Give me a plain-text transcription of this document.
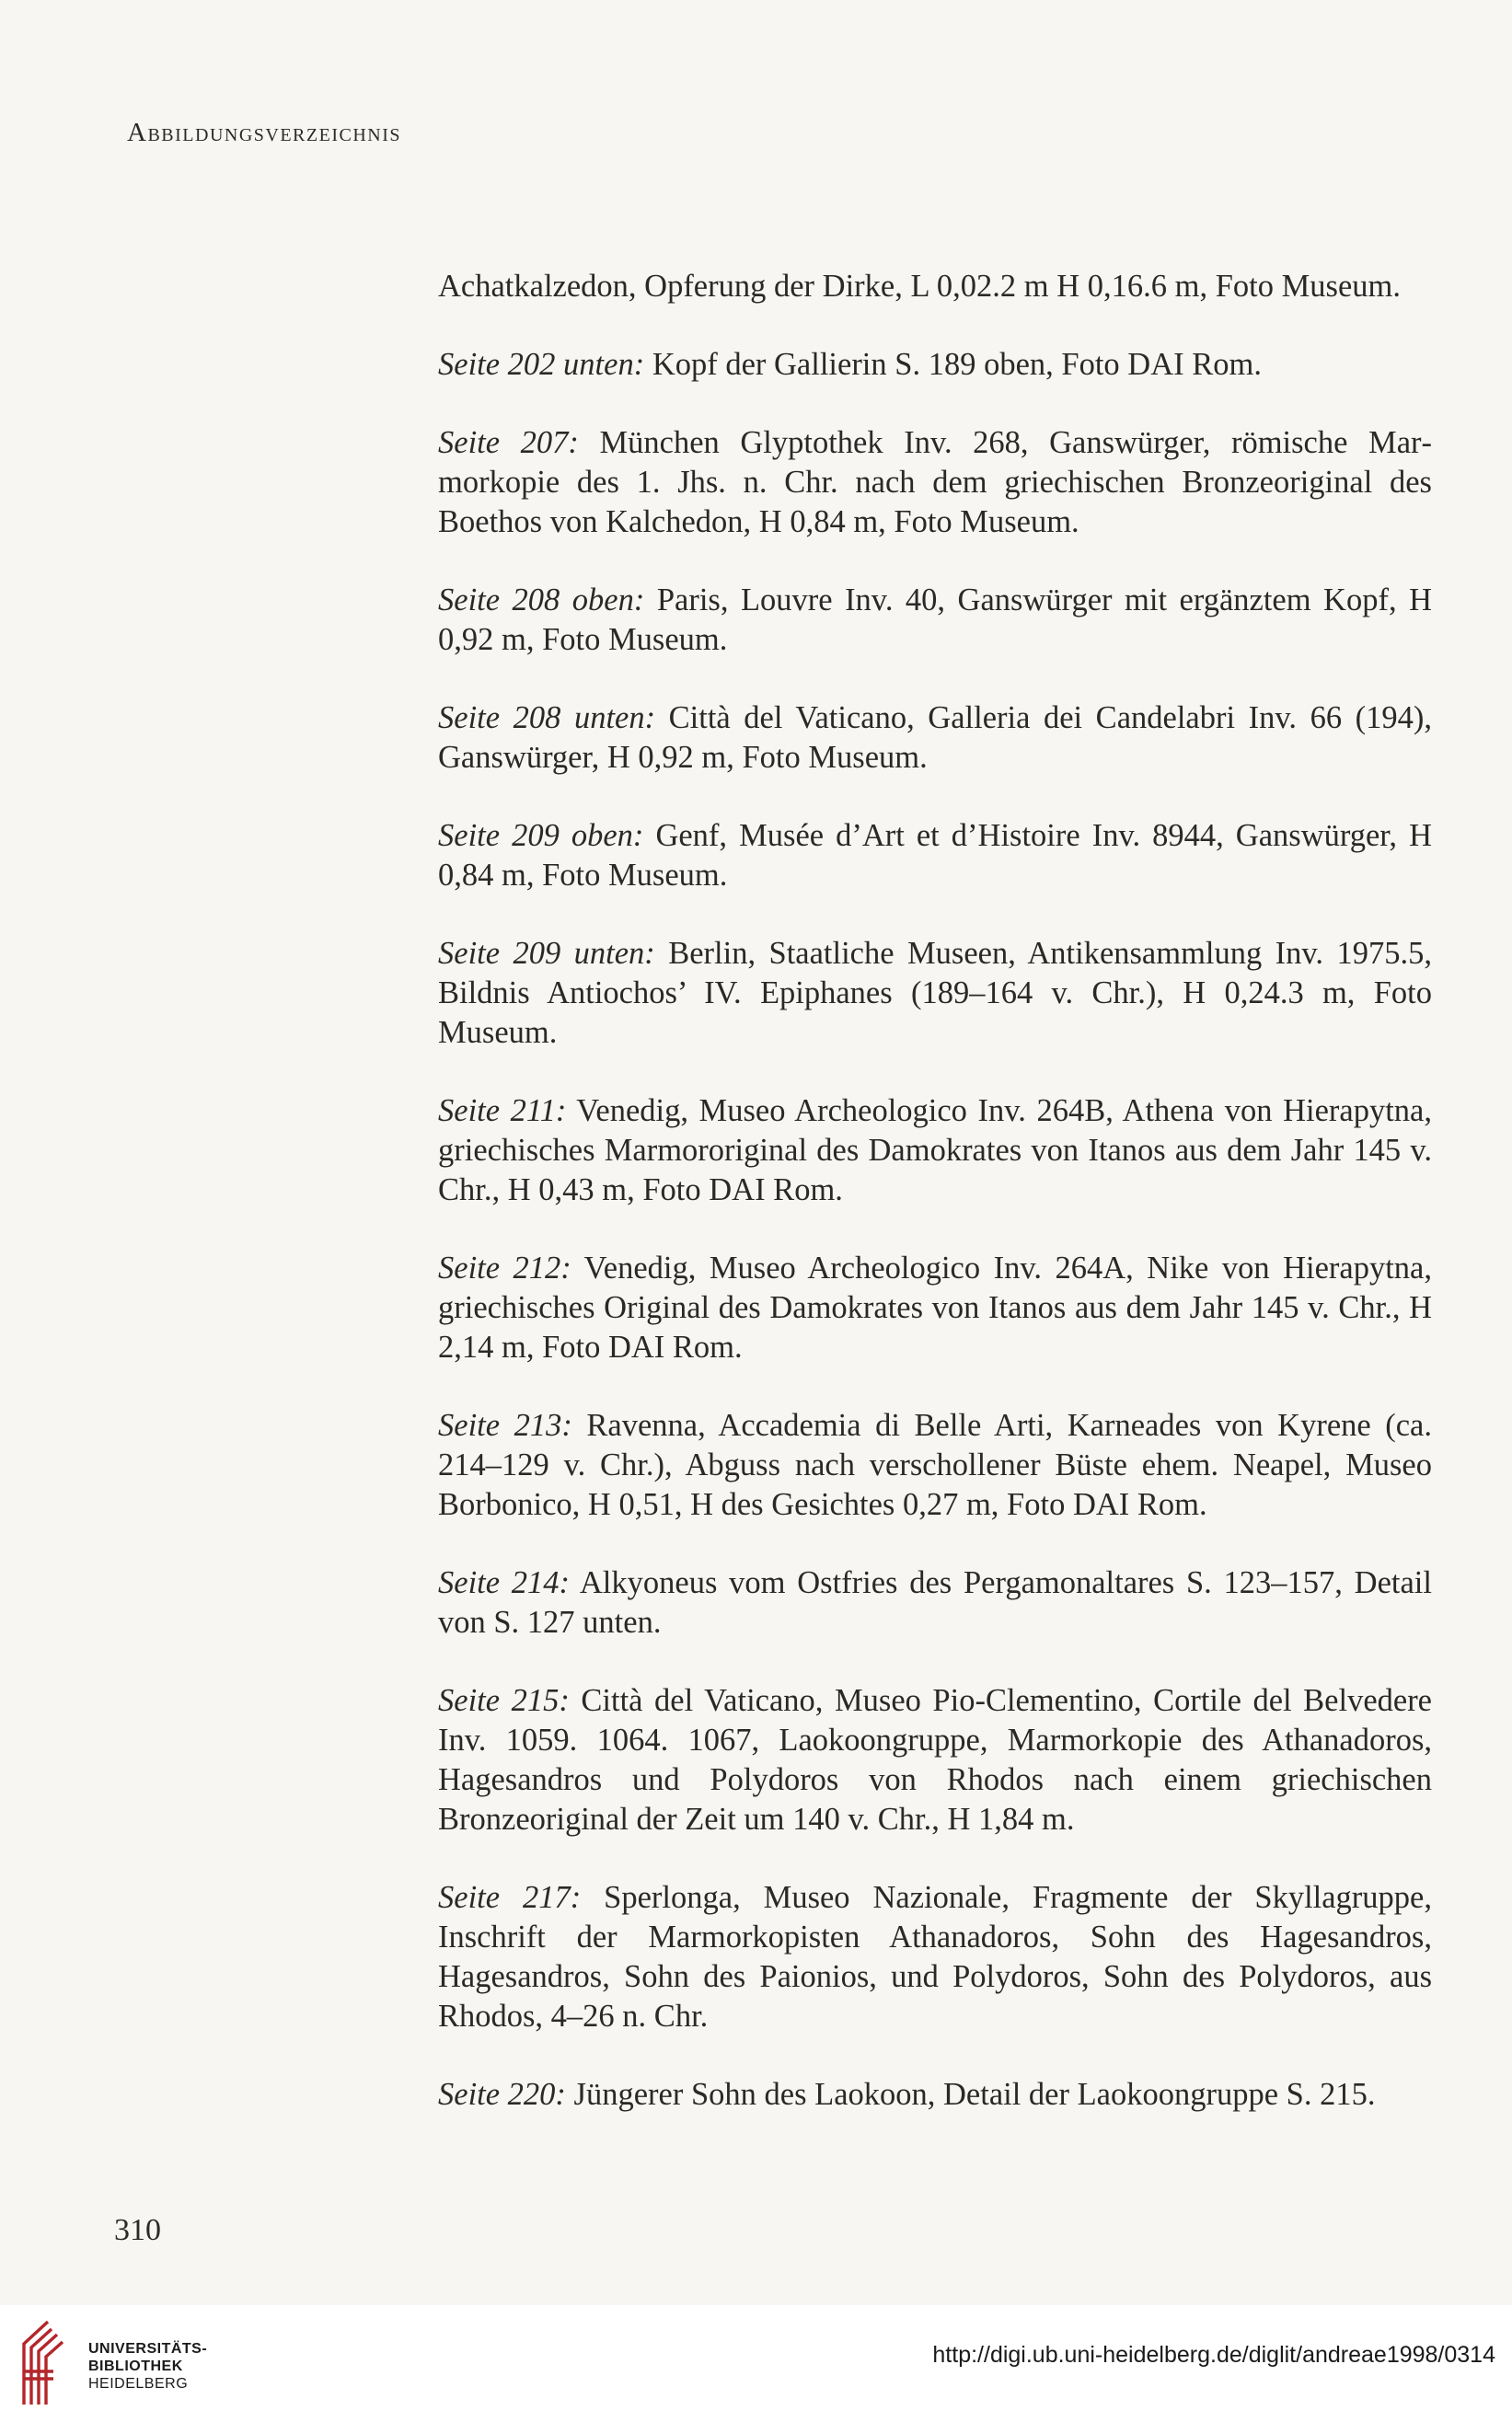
Abbildungsverzeichnis

Achatkalzedon, Opferung der Dirke, L 0,02.2 m H 0,16.6 m, Foto Museum.

Seite 202 unten: Kopf der Gallierin S. 189 oben, Foto DAI Rom.

Seite 207: München Glyptothek Inv. 268, Ganswürger, römische Marmorkopie des 1. Jhs. n. Chr. nach dem griechischen Bronzeoriginal des Boethos von Kalchedon, H 0,84 m, Foto Museum.

Seite 208 oben: Paris, Louvre Inv. 40, Ganswürger mit ergänztem Kopf, H 0,92 m, Foto Museum.

Seite 208 unten: Città del Vaticano, Galleria dei Candelabri Inv. 66 (194), Ganswürger, H 0,92 m, Foto Museum.

Seite 209 oben: Genf, Musée d’Art et d’Histoire Inv. 8944, Ganswürger, H 0,84 m, Foto Museum.

Seite 209 unten: Berlin, Staatliche Museen, Antikensammlung Inv. 1975.5, Bildnis Antiochos’ IV. Epiphanes (189–164 v. Chr.), H 0,24.3 m, Foto Museum.

Seite 211: Venedig, Museo Archeologico Inv. 264B, Athena von Hierapytna, griechisches Marmororiginal des Damokrates von Itanos aus dem Jahr 145 v. Chr., H 0,43 m, Foto DAI Rom.

Seite 212: Venedig, Museo Archeologico Inv. 264A, Nike von Hierapytna, griechisches Original des Damokrates von Itanos aus dem Jahr 145 v. Chr., H 2,14 m, Foto DAI Rom.

Seite 213: Ravenna, Accademia di Belle Arti, Karneades von Kyrene (ca. 214–129 v. Chr.), Abguss nach verschollener Büste ehem. Neapel, Museo Borbonico, H 0,51, H des Gesichtes 0,27 m, Foto DAI Rom.

Seite 214: Alkyoneus vom Ostfries des Pergamonaltares S. 123–157, Detail von S. 127 unten.

Seite 215: Città del Vaticano, Museo Pio-Clementino, Cortile del Belvedere Inv. 1059. 1064. 1067, Laokoongruppe, Marmorkopie des Athanadoros, Hagesandros und Polydoros von Rhodos nach einem griechischen Bronzeoriginal der Zeit um 140 v. Chr., H 1,84 m.

Seite 217: Sperlonga, Museo Nazionale, Fragmente der Skyllagruppe, Inschrift der Marmorkopisten Athanadoros, Sohn des Hagesandros, Hagesandros, Sohn des Paionios, und Polydoros, Sohn des Polydoros, aus Rhodos, 4–26 n. Chr.

Seite 220: Jüngerer Sohn des Laokoon, Detail der Laokoongruppe S. 215.

310

UNIVERSITÄTS-
BIBLIOTHEK
HEIDELBERG
http://digi.ub.uni-heidelberg.de/diglit/andreae1998/0314
